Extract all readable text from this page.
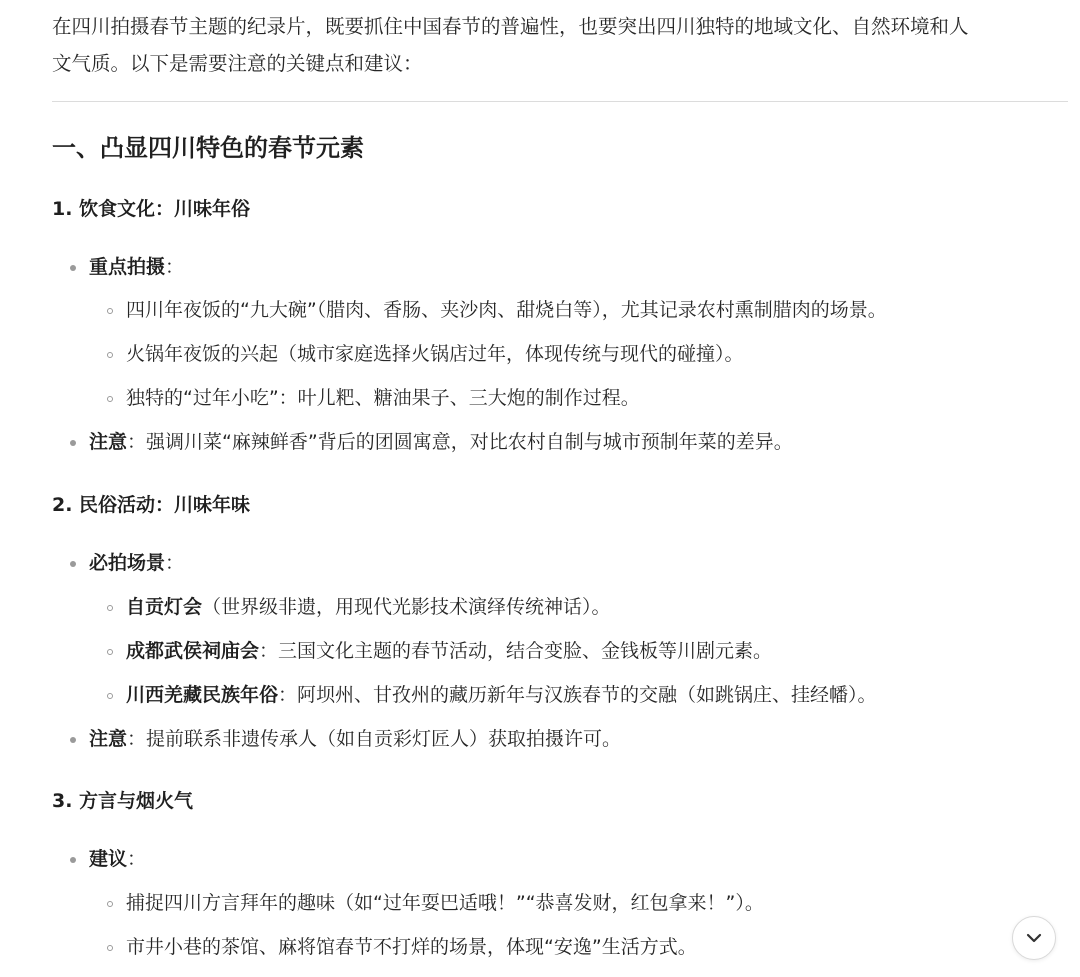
在四川拍摄春节主题的纪录片，既要抓住中国春节的普遍性，也要突出四川独特的地域文化、自然环境和人
文气质。以下是需要注意的关键点和建议：

一、凸显四川特色的春节元素
1. 饮食文化：川味年俗
重点拍摄：
四川年夜饭的“九大碗”（腊肉、香肠、夹沙肉、甜烧白等），尤其记录农村熏制腊肉的场景。
火锅年夜饭的兴起（城市家庭选择火锅店过年，体现传统与现代的碰撞）。
独特的“过年小吃”：叶儿粑、糖油果子、三大炮的制作过程。
注意：强调川菜“麻辣鲜香”背后的团圆寓意，对比农村自制与城市预制年菜的差异。
2. 民俗活动：川味年味
必拍场景：
自贡灯会（世界级非遗，用现代光影技术演绎传统神话）。
成都武侯祠庙会：三国文化主题的春节活动，结合变脸、金钱板等川剧元素。
川西羌藏民族年俗：阿坝州、甘孜州的藏历新年与汉族春节的交融（如跳锅庄、挂经幡）。
注意：提前联系非遗传承人（如自贡彩灯匠人）获取拍摄许可。
3. 方言与烟火气
建议：
捕捉四川方言拜年的趣味（如“过年耍巴适哦！”“恭喜发财，红包拿来！”）。
市井小巷的茶馆、麻将馆春节不打烊的场景，体现“安逸”生活方式。
